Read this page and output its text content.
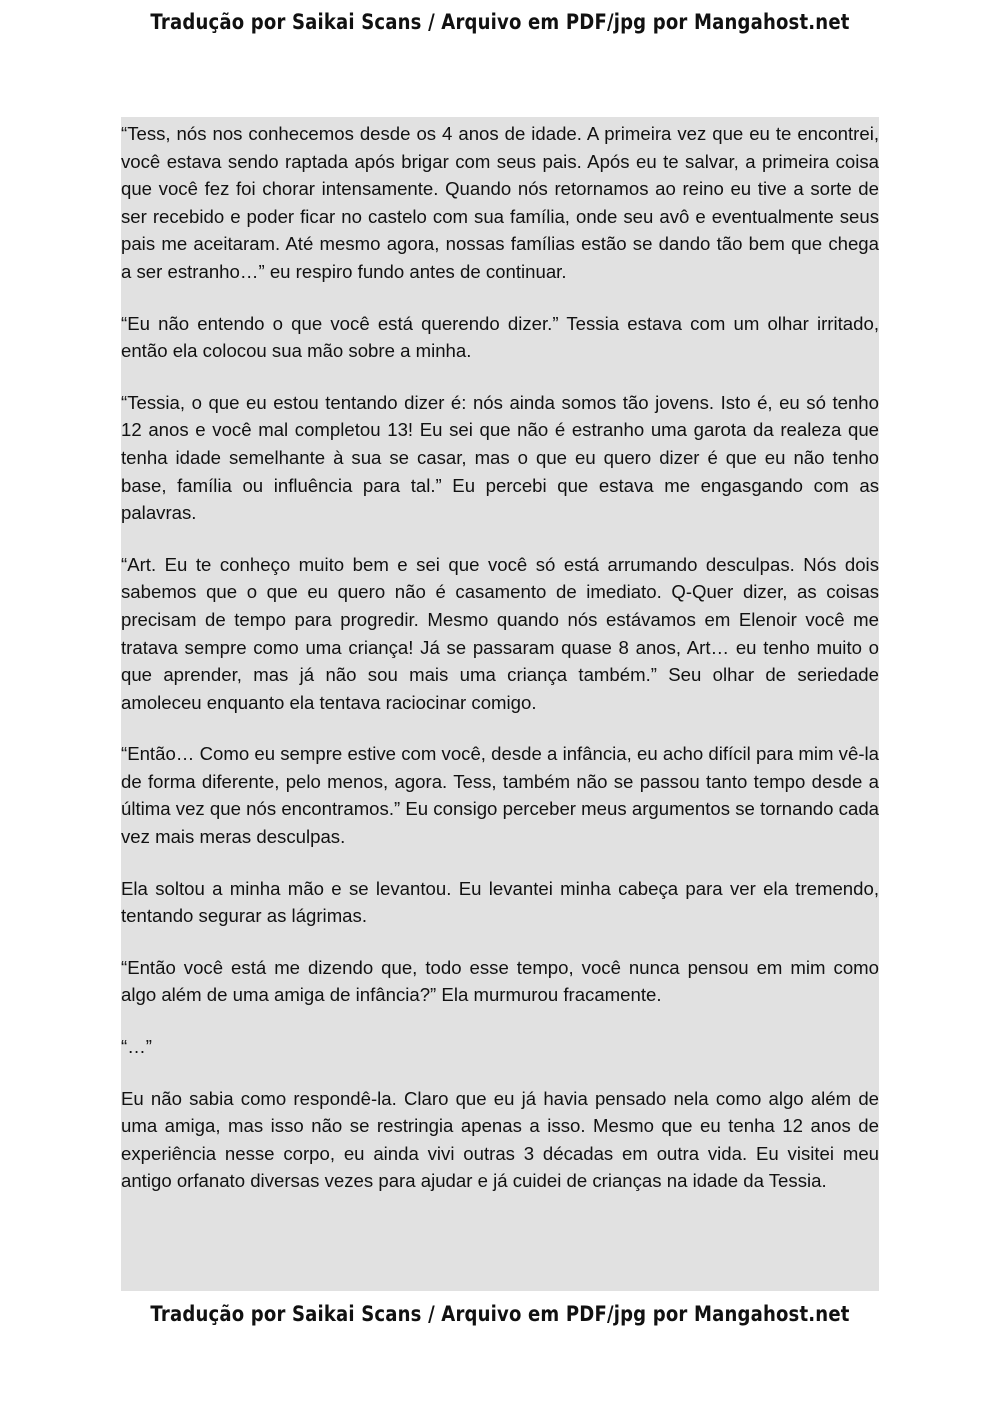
Tradução por Saikai Scans / Arquivo em PDF/jpg por Mangahost.net

“Tess, nós nos conhecemos desde os 4 anos de idade. A primeira vez que eu te encontrei, você estava sendo raptada após brigar com seus pais. Após eu te salvar, a primeira coisa que você fez foi chorar intensamente. Quando nós retornamos ao reino eu tive a sorte de ser recebido e poder ficar no castelo com sua família, onde seu avô e eventualmente seus pais me aceitaram. Até mesmo agora, nossas famílias estão se dando tão bem que chega a ser estranho…” eu respiro fundo antes de continuar.

“Eu não entendo o que você está querendo dizer.” Tessia estava com um olhar irritado, então ela colocou sua mão sobre a minha.

“Tessia, o que eu estou tentando dizer é: nós ainda somos tão jovens. Isto é, eu só tenho 12 anos e você mal completou 13! Eu sei que não é estranho uma garota da realeza que tenha idade semelhante à sua se casar, mas o que eu quero dizer é que eu não tenho base, família ou influência para tal.” Eu percebi que estava me engasgando com as palavras.

“Art. Eu te conheço muito bem e sei que você só está arrumando desculpas. Nós dois sabemos que o que eu quero não é casamento de imediato. Q-Quer dizer, as coisas precisam de tempo para progredir. Mesmo quando nós estávamos em Elenoir você me tratava sempre como uma criança! Já se passaram quase 8 anos, Art… eu tenho muito o que aprender, mas já não sou mais uma criança também.” Seu olhar de seriedade amoleceu enquanto ela tentava raciocinar comigo.

“Então… Como eu sempre estive com você, desde a infância, eu acho difícil para mim vê-la de forma diferente, pelo menos, agora. Tess, também não se passou tanto tempo desde a última vez que nós encontramos.” Eu consigo perceber meus argumentos se tornando cada vez mais meras desculpas.

Ela soltou a minha mão e se levantou. Eu levantei minha cabeça para ver ela tremendo, tentando segurar as lágrimas.

“Então você está me dizendo que, todo esse tempo, você nunca pensou em mim como algo além de uma amiga de infância?” Ela murmurou fracamente.

“…”

Eu não sabia como respondê-la. Claro que eu já havia pensado nela como algo além de uma amiga, mas isso não se restringia apenas a isso. Mesmo que eu tenha 12 anos de experiência nesse corpo, eu ainda vivi outras 3 décadas em outra vida. Eu visitei meu antigo orfanato diversas vezes para ajudar e já cuidei de crianças na idade da Tessia.

Tradução por Saikai Scans / Arquivo em PDF/jpg por Mangahost.net
